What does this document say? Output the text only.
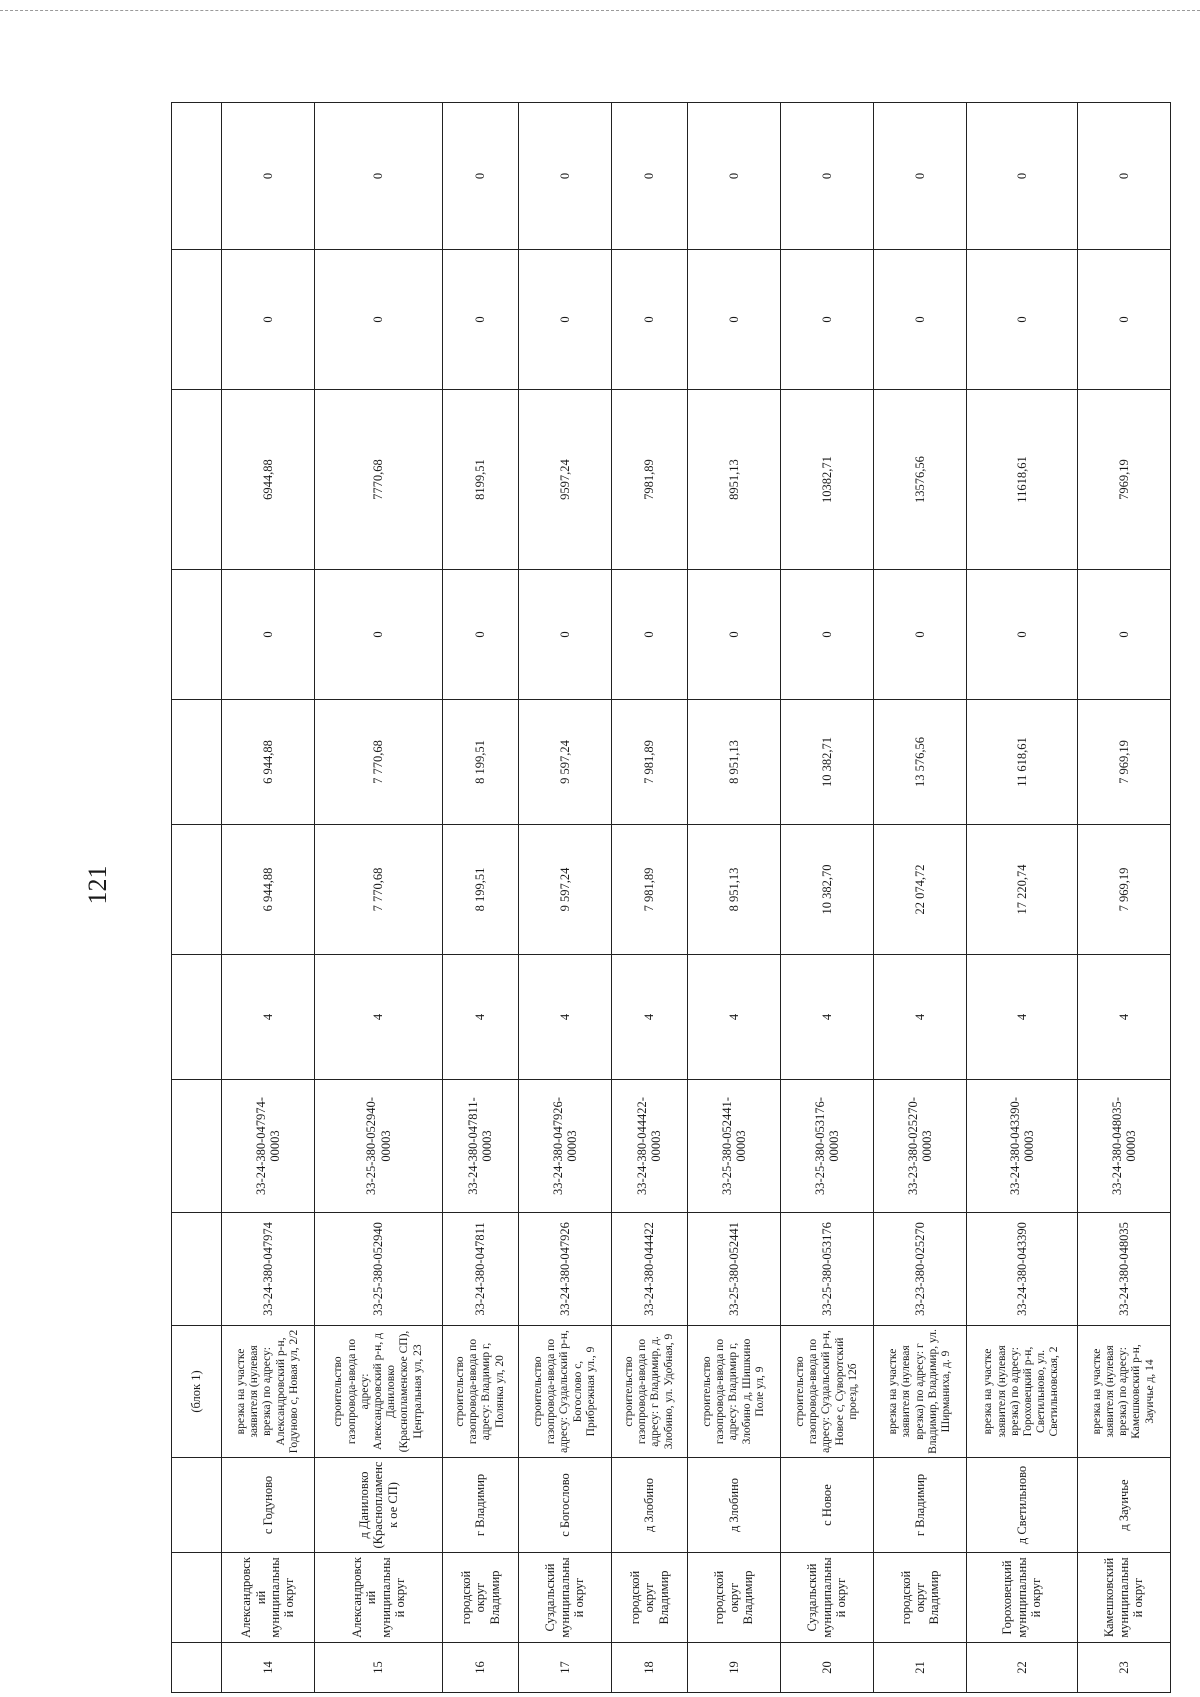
121
			(блок 1)									
14	Александровский муниципальный округ	с Годуново	врезка на участке заявителя (нулевая врезка) по адресу: Александровский р-н, Годуново с, Новая ул, 2/2	33-24-380-047974	33-24-380-047974-00003	4	6 944,88	6 944,88	0	6944,88	0	0
15	Александровский муниципальный округ	д Даниловко (Краснопламенск ое СП)	строительство газопровода-ввода по адресу: Александровский р-н, д Даниловко (Краснопламенское СП), Центральная ул, 23	33-25-380-052940	33-25-380-052940-00003	4	7 770,68	7 770,68	0	7770,68	0	0
16	городской округ Владимир	г Владимир	строительство газопровода-ввода по адресу: Владимир г, Полянка ул, 20	33-24-380-047811	33-24-380-047811-00003	4	8 199,51	8 199,51	0	8199,51	0	0
17	Суздальский муниципальный округ	с Богослово	строительство газопровода-ввода по адресу: Суздальский р-н, Богослово с, Прибрежная ул., 9	33-24-380-047926	33-24-380-047926-00003	4	9 597,24	9 597,24	0	9597,24	0	0
18	городской округ Владимир	д Злобино	строительство газопровода-ввода по адресу: г Владимир, д. Злобино, ул. Удобная, 9	33-24-380-044422	33-24-380-044422-00003	4	7 981,89	7 981,89	0	7981,89	0	0
19	городской округ Владимир	д Злобино	строительство газопровода-ввода по адресу: Владимир г, Злобино д, Шишкино Поле ул, 9	33-25-380-052441	33-25-380-052441-00003	4	8 951,13	8 951,13	0	8951,13	0	0
20	Суздальский муниципальный округ	с Новое	строительство газопровода-ввода по адресу: Суздальский р-н, Новое с, Суворотский проезд, 12б	33-25-380-053176	33-25-380-053176-00003	4	10 382,70	10 382,71	0	10382,71	0	0
21	городской округ Владимир	г Владимир	врезка на участке заявителя (нулевая врезка) по адресу: г Владимир, Владимир, ул. Ширманиха, д. 9	33-23-380-025270	33-23-380-025270-00003	4	22 074,72	13 576,56	0	13576,56	0	0
22	Гороховецкий муниципальный округ	д Светильново	врезка на участке заявителя (нулевая врезка) по адресу: Гороховецкий р-н, Светильново, ул. Светильновская, 2	33-24-380-043390	33-24-380-043390-00003	4	17 220,74	11 618,61	0	11618,61	0	0
23	Камешковский муниципальный округ	д Зауичье	врезка на участке заявителя (нулевая врезка) по адресу: Камешковский р-н, Зауичье д, 14	33-24-380-048035	33-24-380-048035-00003	4	7 969,19	7 969,19	0	7969,19	0	0
